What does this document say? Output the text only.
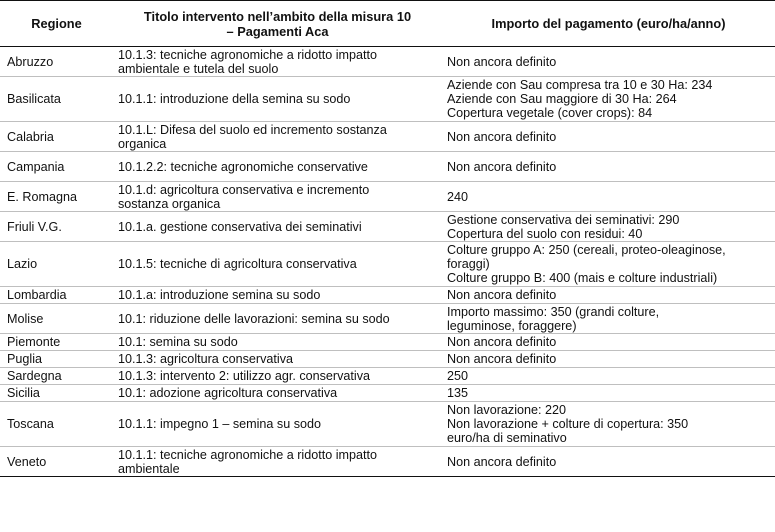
Regione	Titolo intervento nell’ambito della misura 10
– Pagamenti Aca	Importo del pagamento (euro/ha/anno)
Abruzzo	10.1.3: tecniche agronomiche a ridotto impatto
ambientale e tutela del suolo	Non ancora definito

Basilicata	10.1.1: introduzione della semina su sodo	Aziende con Sau compresa tra 10 e 30 Ha: 234
Aziende con Sau maggiore di 30 Ha: 264
Copertura vegetale (cover crops): 84

Calabria	10.1.L: Difesa del suolo ed incremento sostanza
organica	Non ancora definito

Campania	10.1.2.2: tecniche agronomiche conservative	Non ancora definito

E. Romagna	10.1.d: agricoltura conservativa e incremento
sostanza organica	240

Friuli V.G.	10.1.a. gestione conservativa dei seminativi	Gestione conservativa dei seminativi: 290
Copertura del suolo con residui: 40

Lazio	10.1.5: tecniche di agricoltura conservativa	Colture gruppo A: 250 (cereali, proteo-oleaginose,
foraggi)
Colture gruppo B: 400 (mais e colture industriali)

Lombardia	10.1.a: introduzione semina su sodo	Non ancora definito

Molise	10.1: riduzione delle lavorazioni: semina su sodo	Importo massimo: 350 (grandi colture,
leguminose, foraggere)

Piemonte	10.1: semina su sodo	Non ancora definito

Puglia	10.1.3: agricoltura conservativa	Non ancora definito

Sardegna	10.1.3: intervento 2: utilizzo agr. conservativa	250

Sicilia	10.1: adozione agricoltura conservativa	135

Toscana	10.1.1: impegno 1 – semina su sodo	Non lavorazione: 220
Non lavorazione + colture di copertura: 350
euro/ha di seminativo

Veneto	10.1.1: tecniche agronomiche a ridotto impatto
ambientale	Non ancora definito
